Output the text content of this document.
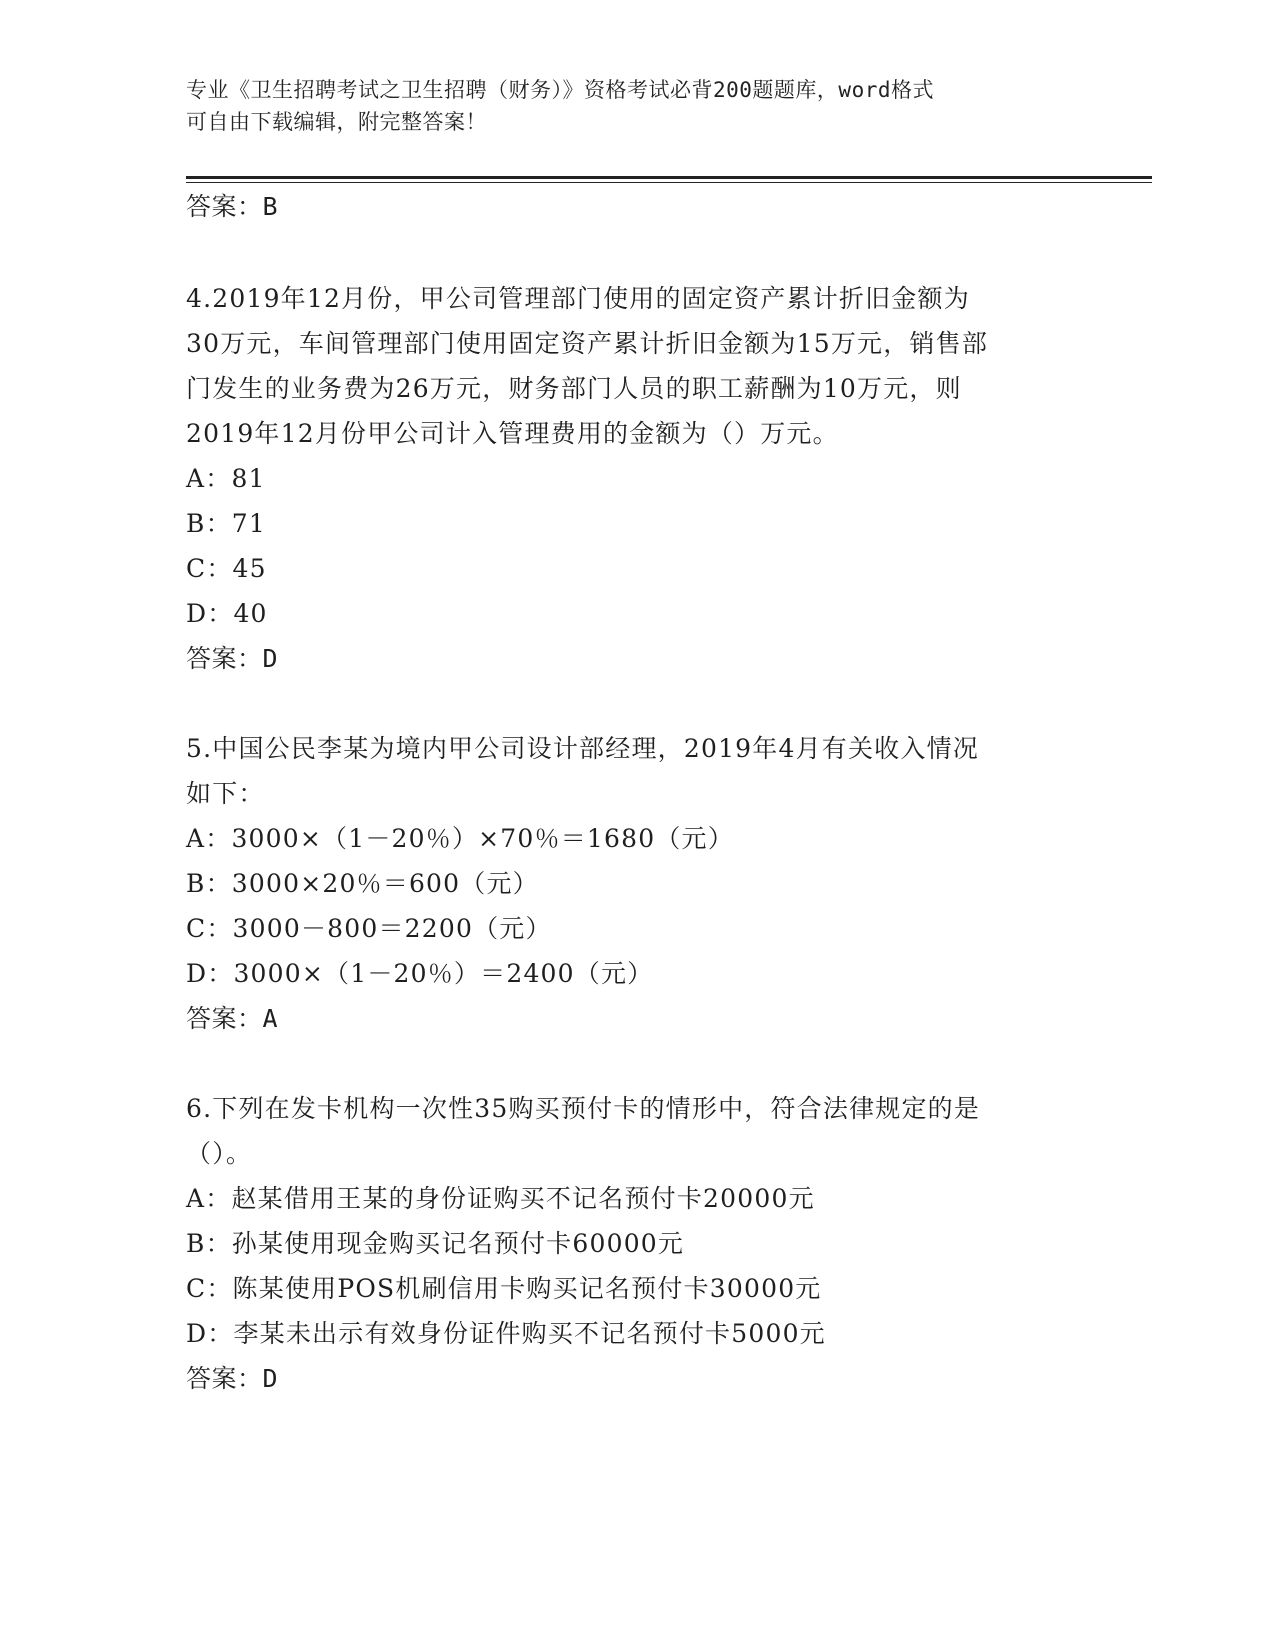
专业《卫生招聘考试之卫生招聘（财务）》资格考试必背200题题库，word格式
可自由下载编辑，附完整答案！
答案：B
4.2019年12月份，甲公司管理部门使用的固定资产累计折旧金额为
30万元，车间管理部门使用固定资产累计折旧金额为15万元，销售部
门发生的业务费为26万元，财务部门人员的职工薪酬为10万元，则
2019年12月份甲公司计入管理费用的金额为（）万元。
A：81
B：71
C：45
D：40
答案：D
5.中国公民李某为境内甲公司设计部经理，2019年4月有关收入情况
如下：
A：3000×（1－20％）×70％＝1680（元）
B：3000×20％＝600（元）
C：3000－800＝2200（元）
D：3000×（1－20％）＝2400（元）
答案：A
6.下列在发卡机构一次性35购买预付卡的情形中，符合法律规定的是
（）。
A：赵某借用王某的身份证购买不记名预付卡20000元
B：孙某使用现金购买记名预付卡60000元
C：陈某使用POS机刷信用卡购买记名预付卡30000元
D：李某未出示有效身份证件购买不记名预付卡5000元
答案：D
